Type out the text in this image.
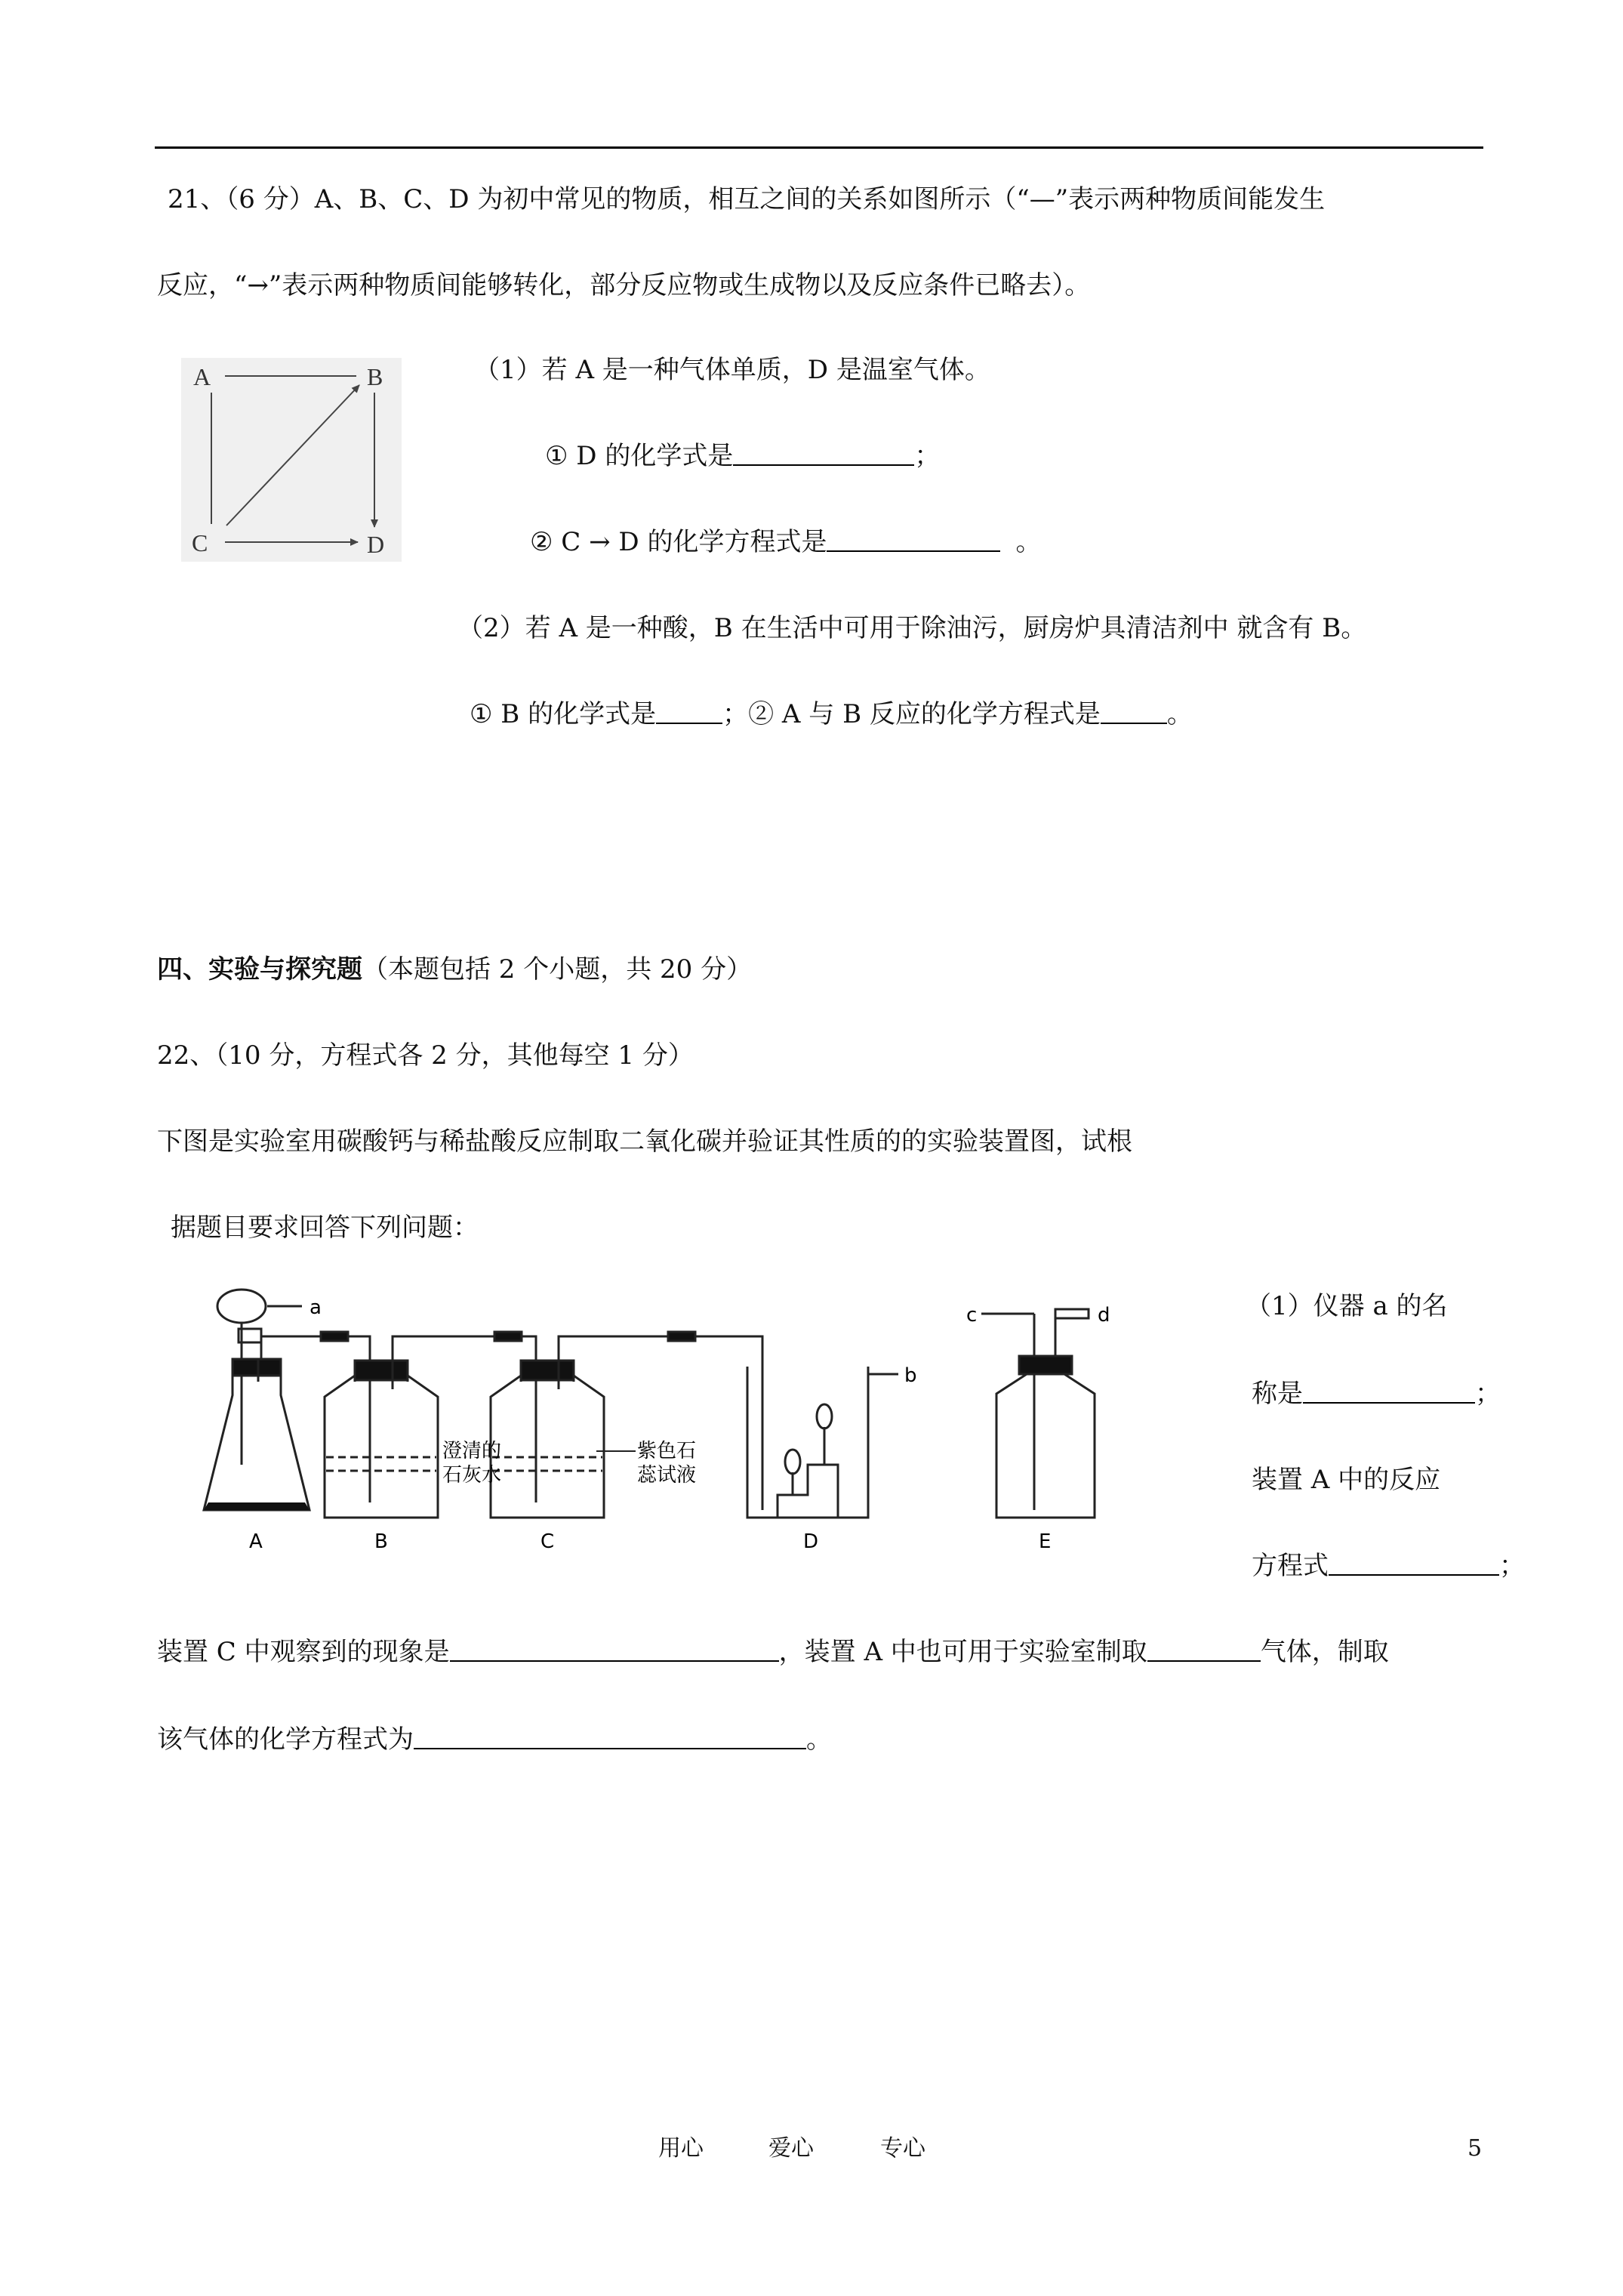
21、（6 分）A、B、C、D 为初中常见的物质，相互之间的关系如图所示（“—”表示两种物质间能发生
反应，“→”表示两种物质间能够转化，部分反应物或生成物以及反应条件已略去）。
A	B
C	D
（1）若 A 是一种气体单质，D 是温室气体。
① D 的化学式是	；
② C → D 的化学方程式是	。
（2）若 A 是一种酸，B 在生活中可用于除油污，厨房炉具清洁剂中 就含有 B。
① B 的化学式是	；② A 与 B 反应的化学方程式是	。
四、实验与探究题（本题包括 2 个小题，共 20 分）
22、（10 分，方程式各 2 分，其他每空 1 分）
下图是实验室用碳酸钙与稀盐酸反应制取二氧化碳并验证其性质的的实验装置图，试根
据题目要求回答下列问题：
a
b
c	d
A	B	C	D	E
澄清的
石灰水
紫色石
蕊试液
（1）仪器 a 的名
称是	；
装置 A 中的反应
方程式	；
装置 C 中观察到的现象是	，装置 A 中也可用于实验室制取	气体，制取
该气体的化学方程式为	。
用心	爱心	专心	5
